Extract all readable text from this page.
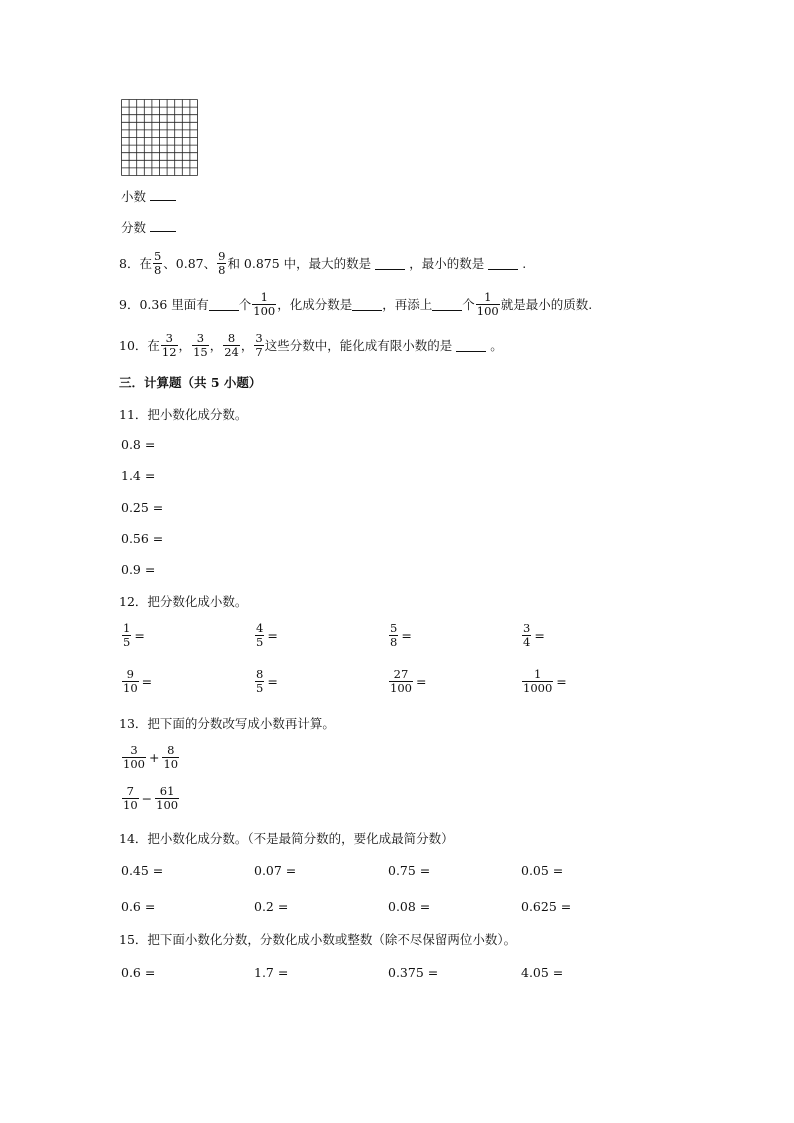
小数
分数
8．在 $\frac{5}{8}$ 、0.87、 $\frac{9}{8}$ 和 0.875 中，最大的数是	，最小的数是	.
9．0.36 里面有 个 $\frac{1}{100}$ ，化成分数是 ，再添上 个 $\frac{1}{100}$ 就是最小的质数.
10．在 $\frac{3}{12}$ ， $\frac{3}{15}$ ， $\frac{8}{24}$ ， $\frac{3}{7}$ 这些分数中，能化成有限小数的是	。
三．计算题（共 5 小题）
11．把小数化成分数。
0.8 =
1.4 =
0.25 =
0.56 =
0.9 =
12．把分数化成小数。
$\frac{1}{5}$ =	$\frac{4}{5}$ =	$\frac{5}{8}$ =	$\frac{3}{4}$ =
$\frac{9}{10}$ =	$\frac{8}{5}$ =	$\frac{27}{100}$ =	$\frac{1}{1000}$ =
13．把下面的分数改写成小数再计算。
$\frac{3}{100} + \frac{8}{10}$
$\frac{7}{10} - \frac{61}{100}$
14．把小数化成分数。（不是最简分数的，要化成最简分数）
0.45 =	0.07 =	0.75 =	0.05 =
0.6 =	0.2 =	0.08 =	0.625 =
15．把下面小数化分数，分数化成小数或整数（除不尽保留两位小数）。
0.6 =	1.7 =	0.375 =	4.05 =
